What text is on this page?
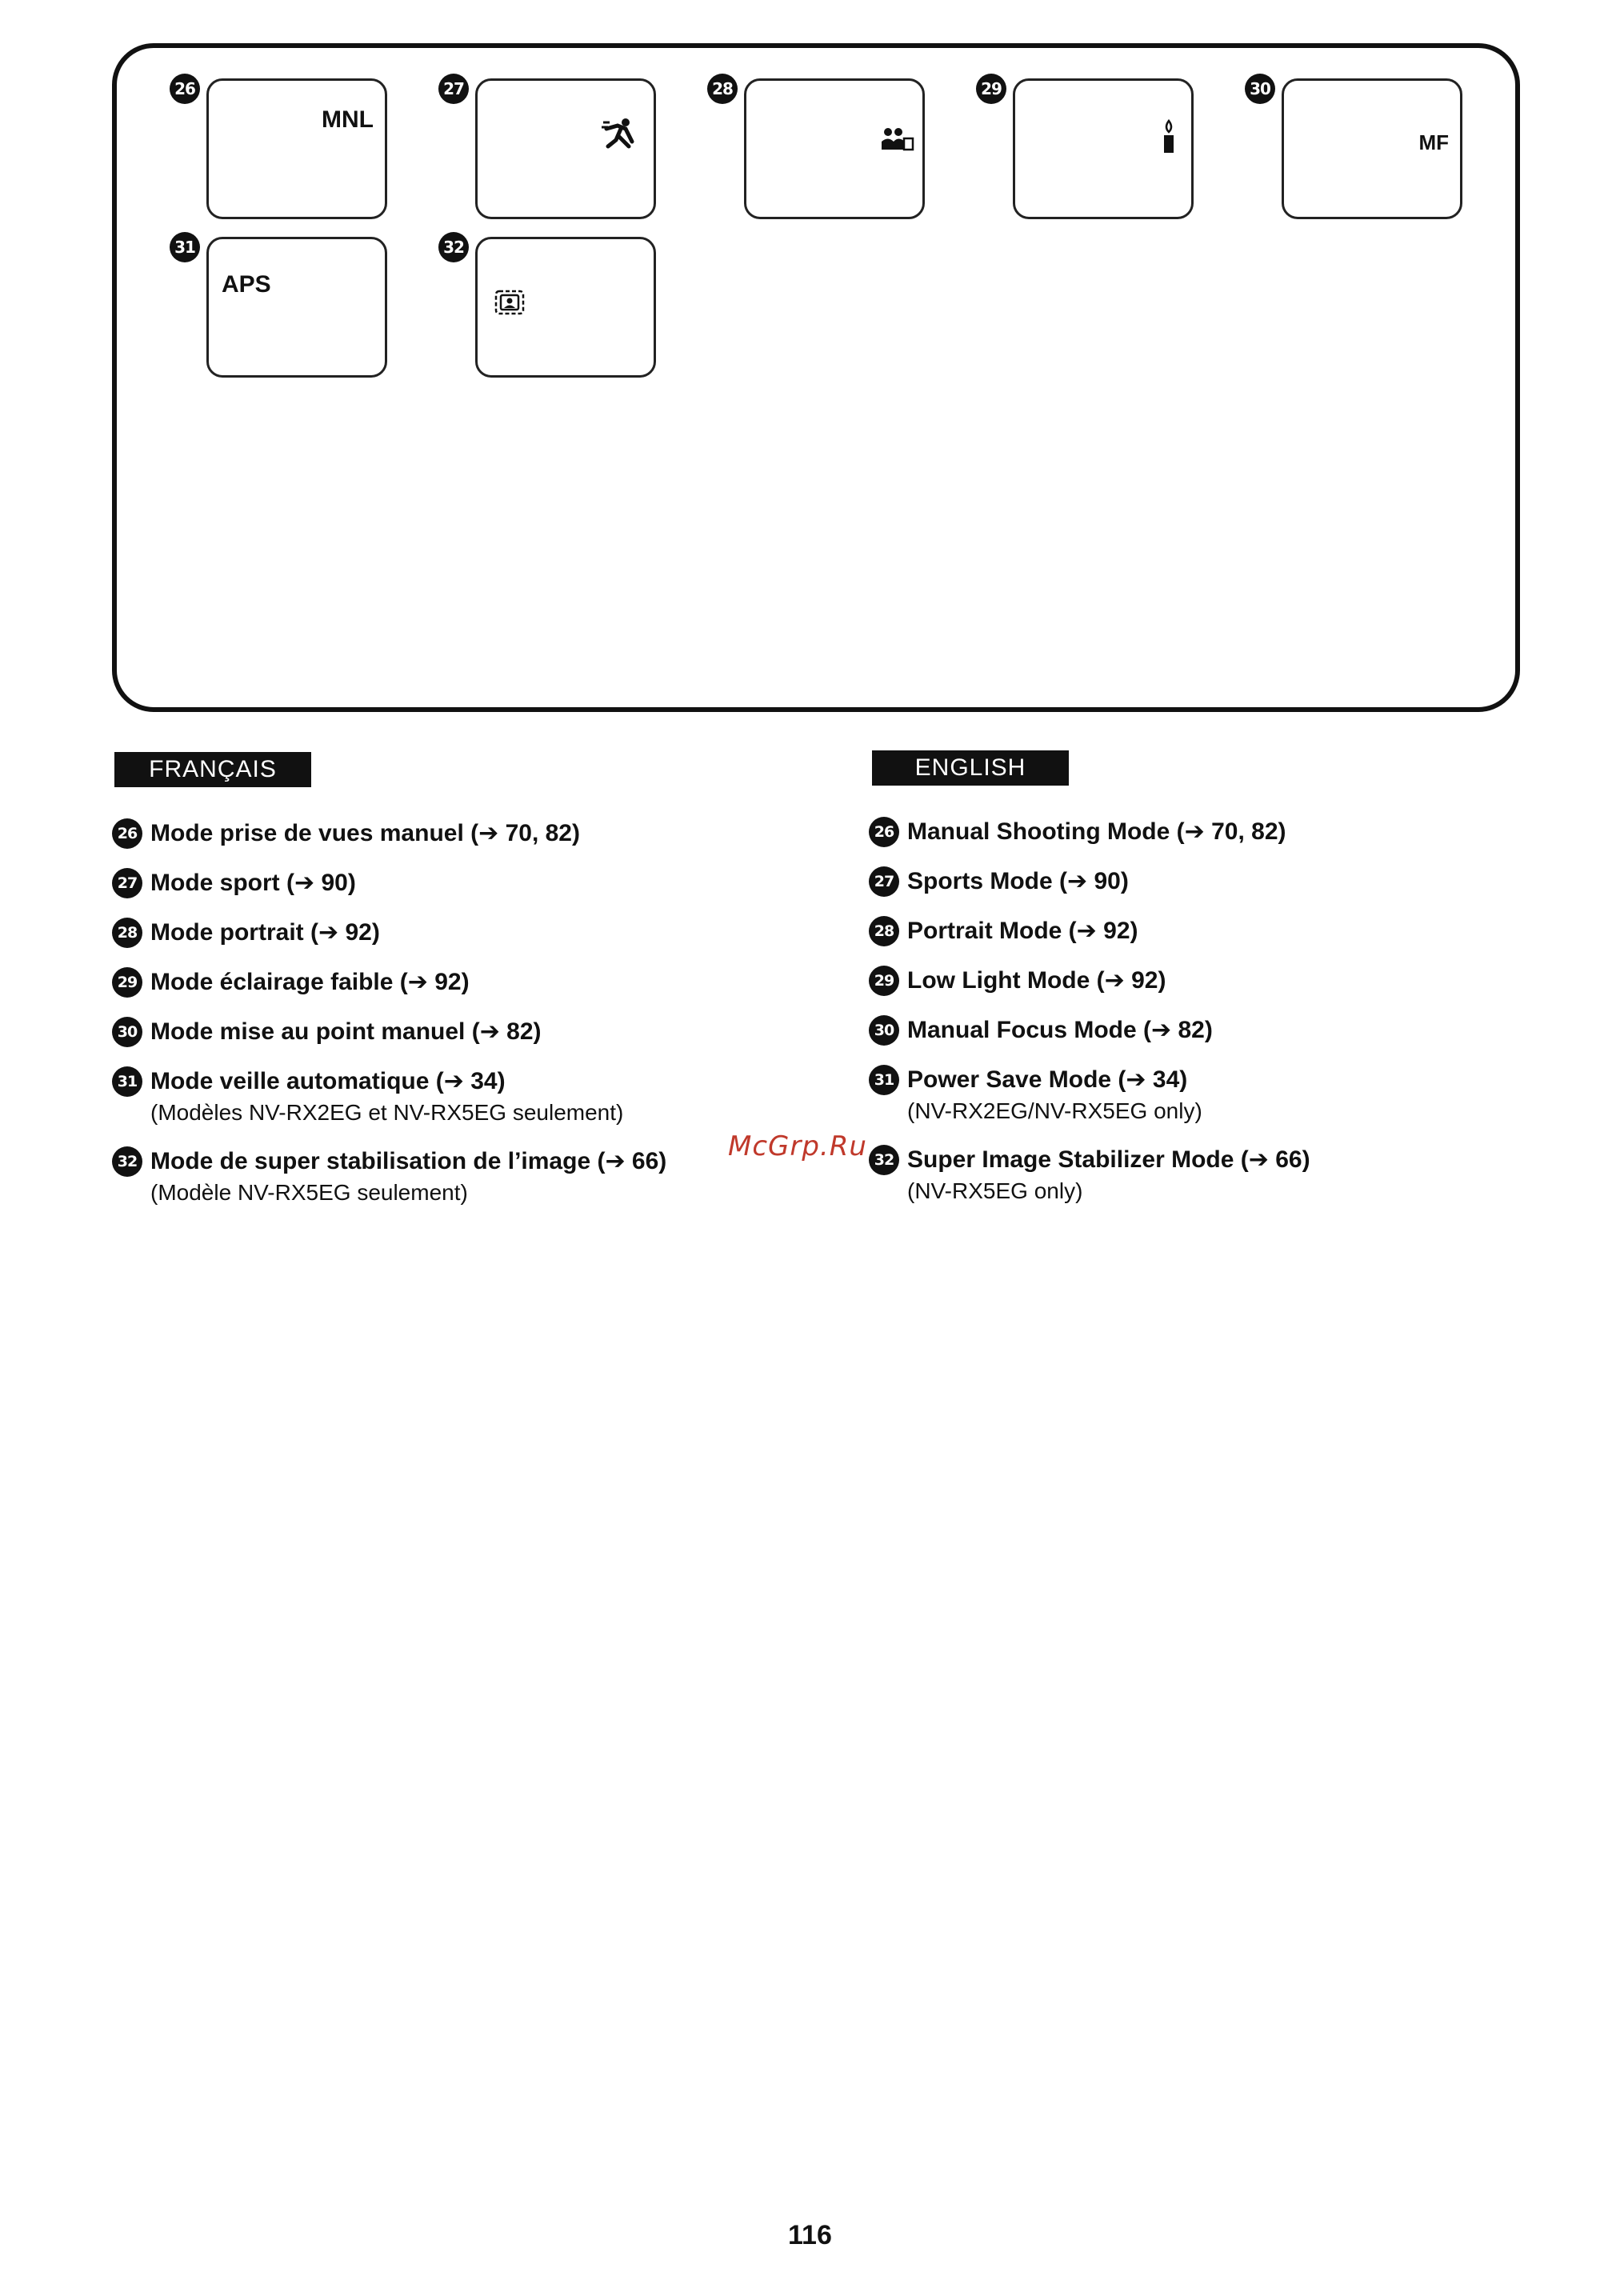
26
MNL
27	28	29	30
MF
31
APS
32
FRANÇAIS
26 Mode prise de vues manuel (➔ 70, 82)
27 Mode sport (➔ 90)
28 Mode portrait (➔ 92)
29 Mode éclairage faible (➔ 92)
30 Mode mise au point manuel (➔ 82)
31 Mode veille automatique (➔ 34)
(Modèles NV-RX2EG et NV-RX5EG seulement)
32 Mode de super stabilisation de l’image (➔ 66)
(Modèle NV-RX5EG seulement)
ENGLISH
26 Manual Shooting Mode (➔ 70, 82)
27 Sports Mode (➔ 90)
28 Portrait Mode (➔ 92)
29 Low Light Mode (➔ 92)
30 Manual Focus Mode (➔ 82)
31 Power Save Mode (➔ 34)
(NV-RX2EG/NV-RX5EG only)
32 Super Image Stabilizer Mode (➔ 66)
(NV-RX5EG only)
McGrp.Ru
116
